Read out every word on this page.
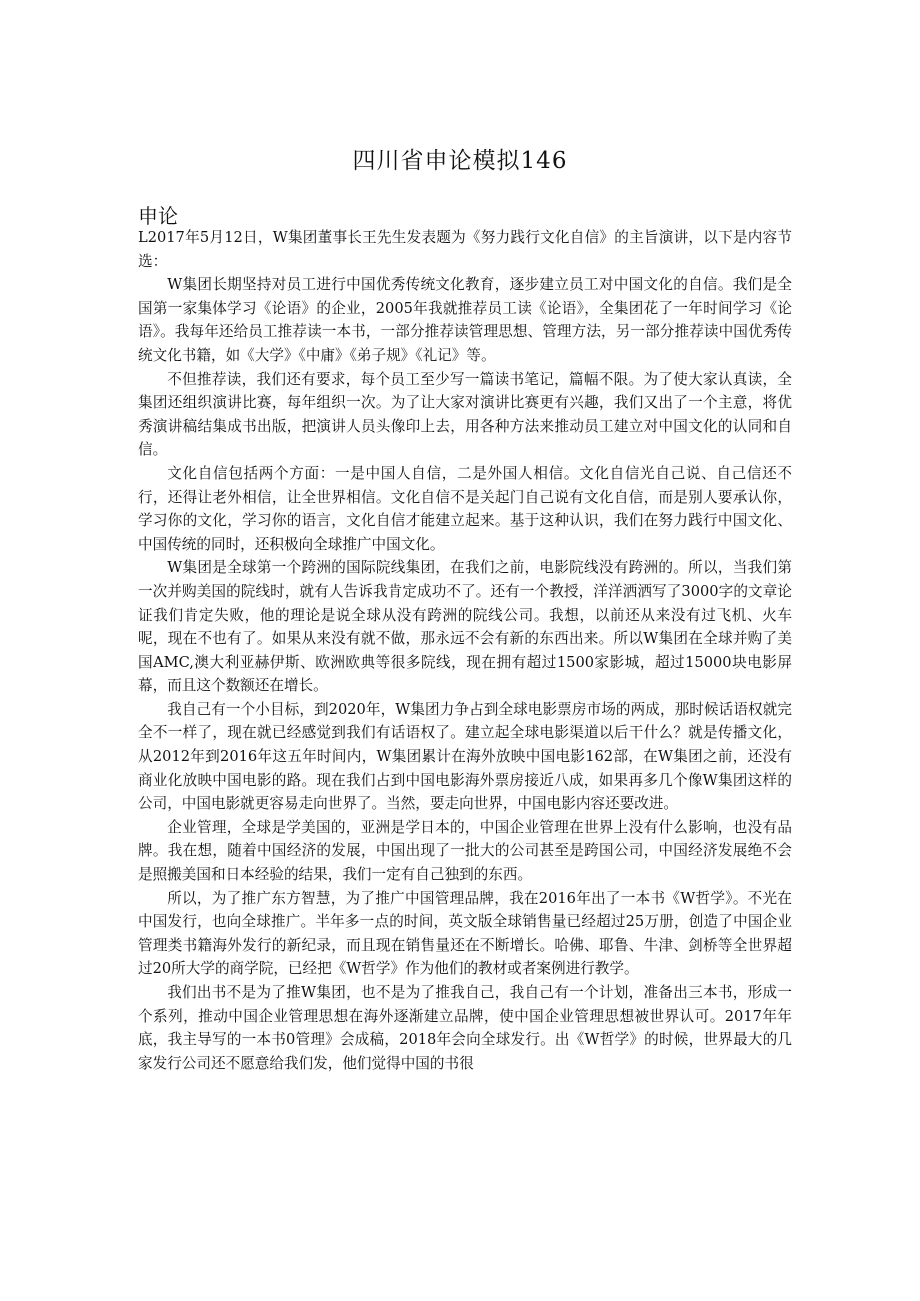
四川省申论模拟146
申论

L2017年5月12日，W集团董事长王先生发表题为《努力践行文化自信》的主旨演讲，以下是内容节选：

W集团长期坚持对员工进行中国优秀传统文化教育，逐步建立员工对中国文化的自信。我们是全国第一家集体学习《论语》的企业，2005年我就推荐员工读《论语》，全集团花了一年时间学习《论语》。我每年还给员工推荐读一本书，一部分推荐读管理思想、管理方法，另一部分推荐读中国优秀传统文化书籍，如《大学》《中庸》《弟子规》《礼记》等。

不但推荐读，我们还有要求，每个员工至少写一篇读书笔记，篇幅不限。为了使大家认真读，全集团还组织演讲比赛，每年组织一次。为了让大家对演讲比赛更有兴趣，我们又出了一个主意，将优秀演讲稿结集成书出版，把演讲人员头像印上去，用各种方法来推动员工建立对中国文化的认同和自信。

文化自信包括两个方面：一是中国人自信，二是外国人相信。文化自信光自己说、自己信还不行，还得让老外相信，让全世界相信。文化自信不是关起门自己说有文化自信，而是别人要承认你，学习你的文化，学习你的语言，文化自信才能建立起来。基于这种认识，我们在努力践行中国文化、中国传统的同时，还积极向全球推广中国文化。

W集团是全球第一个跨洲的国际院线集团，在我们之前，电影院线没有跨洲的。所以，当我们第一次并购美国的院线时，就有人告诉我肯定成功不了。还有一个教授，洋洋洒洒写了3000字的文章论证我们肯定失败，他的理论是说全球从没有跨洲的院线公司。我想，以前还从来没有过飞机、火车呢，现在不也有了。如果从来没有就不做，那永远不会有新的东西出来。所以W集团在全球并购了美国AMC,澳大利亚赫伊斯、欧洲欧典等很多院线，现在拥有超过1500家影城，超过15000块电影屏幕，而且这个数额还在增长。

我自己有一个小目标，到2020年，W集团力争占到全球电影票房市场的两成，那时候话语权就完全不一样了，现在就已经感觉到我们有话语权了。建立起全球电影渠道以后干什么？就是传播文化，从2012年到2016年这五年时间内，W集团累计在海外放映中国电影162部，在W集团之前，还没有商业化放映中国电影的路。现在我们占到中国电影海外票房接近八成，如果再多几个像W集团这样的公司，中国电影就更容易走向世界了。当然，要走向世界，中国电影内容还要改进。

企业管理，全球是学美国的，亚洲是学日本的，中国企业管理在世界上没有什么影响，也没有品牌。我在想，随着中国经济的发展，中国出现了一批大的公司甚至是跨国公司，中国经济发展绝不会是照搬美国和日本经验的结果，我们一定有自己独到的东西。

所以，为了推广东方智慧，为了推广中国管理品牌，我在2016年出了一本书《W哲学》。不光在中国发行，也向全球推广。半年多一点的时间，英文版全球销售量已经超过25万册，创造了中国企业管理类书籍海外发行的新纪录，而且现在销售量还在不断增长。哈佛、耶鲁、牛津、剑桥等全世界超过20所大学的商学院，已经把《W哲学》作为他们的教材或者案例进行教学。

我们出书不是为了推W集团，也不是为了推我自己，我自己有一个计划，准备出三本书，形成一个系列，推动中国企业管理思想在海外逐渐建立品牌，使中国企业管理思想被世界认可。2017年年底，我主导写的一本书0管理》会成稿，2018年会向全球发行。出《W哲学》的时候，世界最大的几家发行公司还不愿意给我们发，他们觉得中国的书很
